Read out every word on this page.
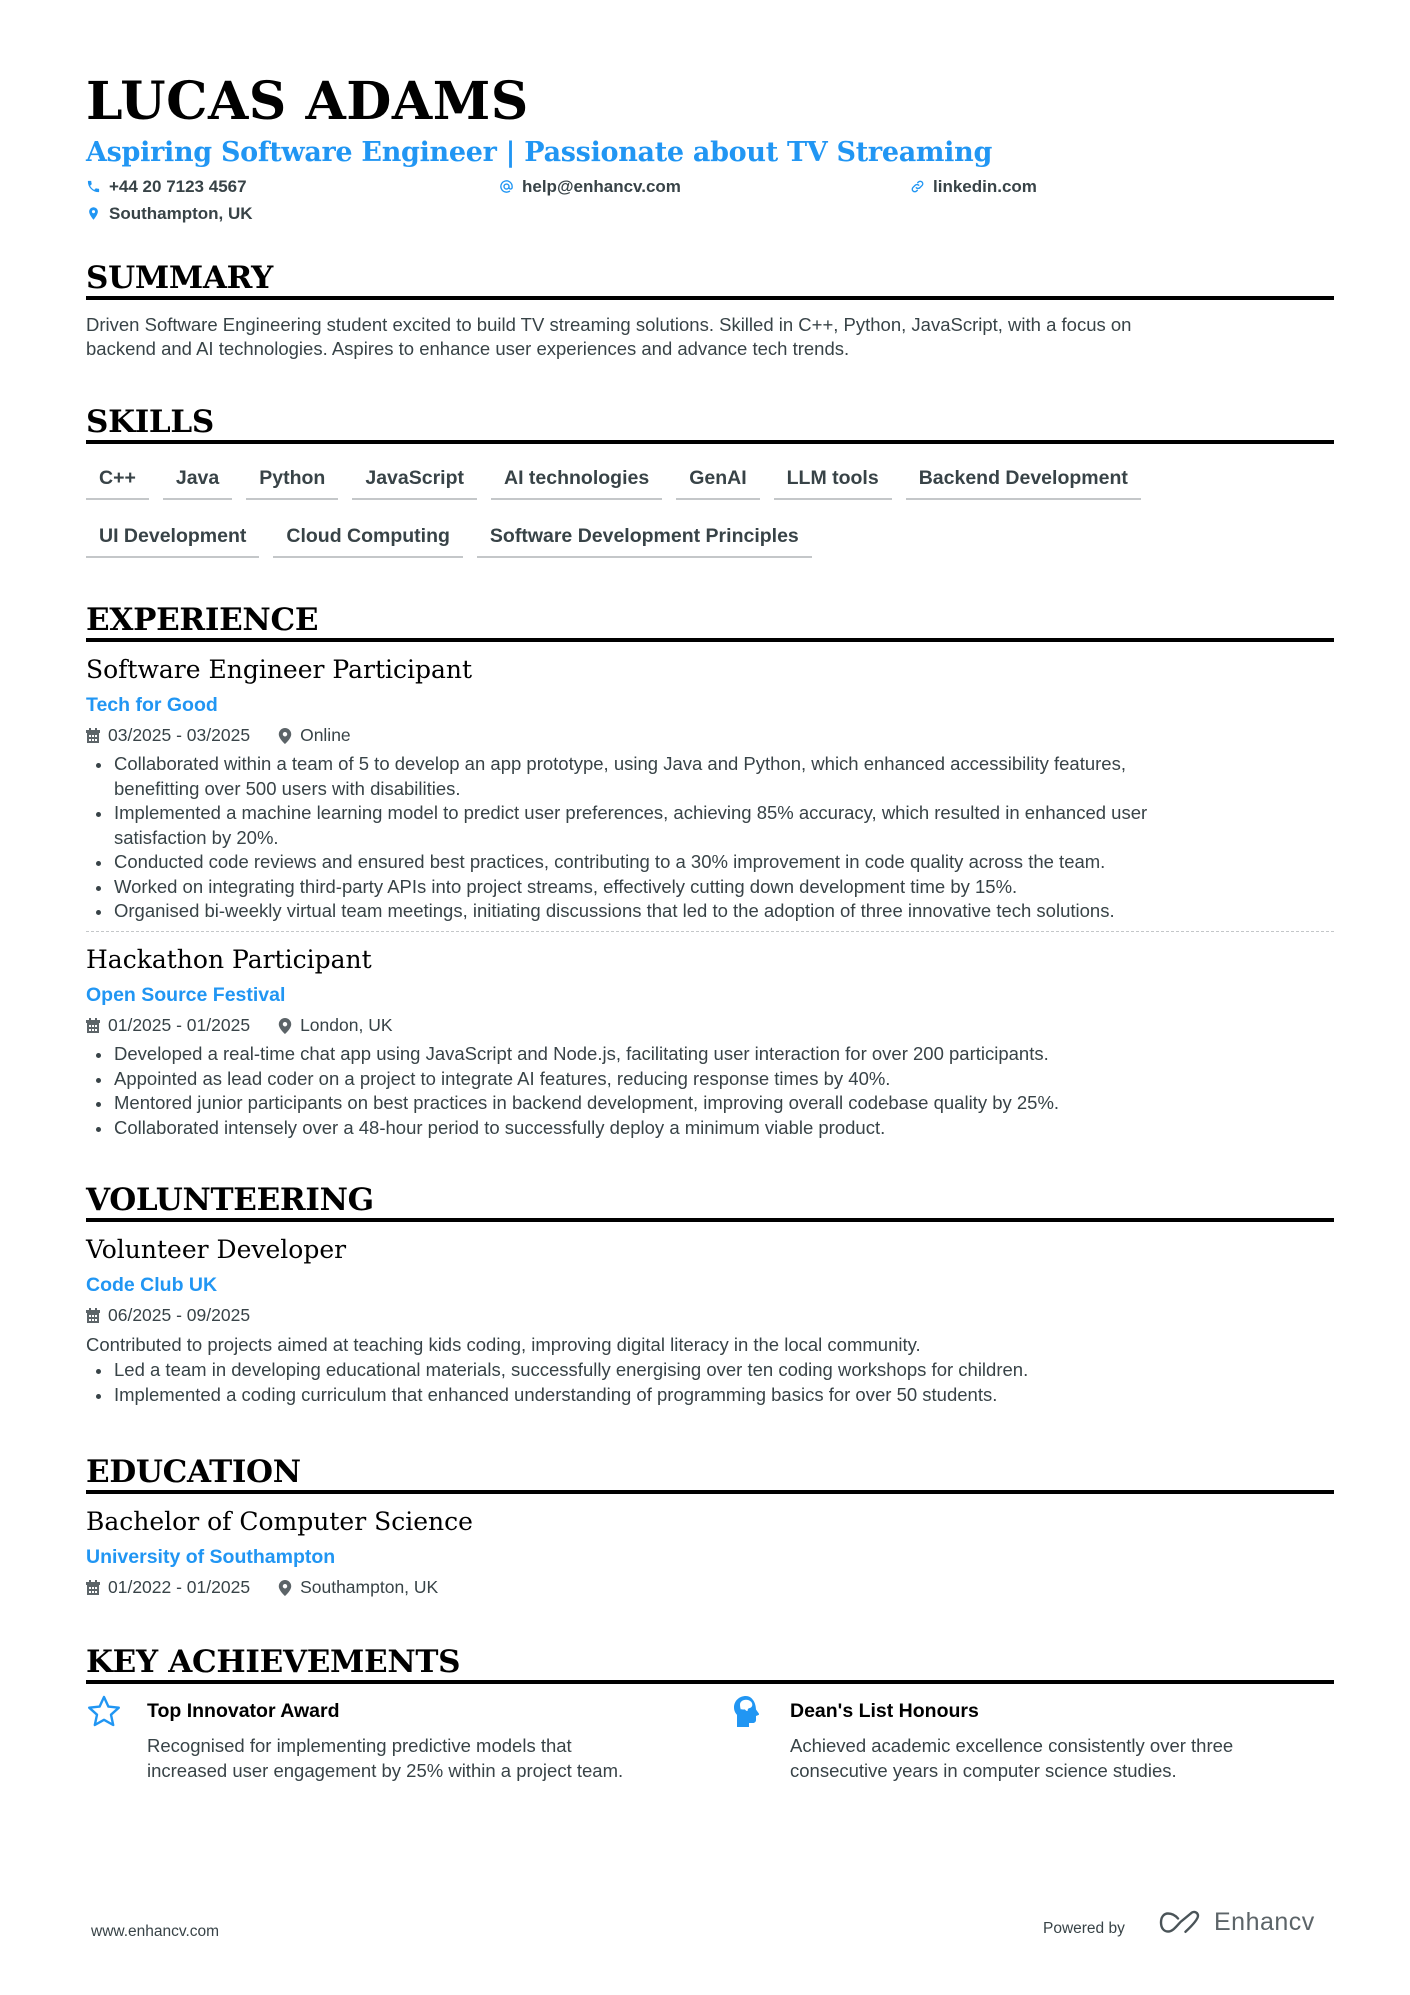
LUCAS ADAMS
Aspiring Software Engineer | Passionate about TV Streaming
+44 20 7123 4567	help@enhancv.com	linkedin.com
Southampton, UK
SUMMARY
Driven Software Engineering student excited to build TV streaming solutions. Skilled in C++, Python, JavaScript, with a focus on
backend and AI technologies. Aspires to enhance user experiences and advance tech trends.
SKILLS
C++	Java	Python	JavaScript	AI technologies	GenAI	LLM tools	Backend Development
UI Development	Cloud Computing	Software Development Principles
EXPERIENCE
Software Engineer Participant
Tech for Good
03/2025 - 03/2025	Online
Collaborated within a team of 5 to develop an app prototype, using Java and Python, which enhanced accessibility features,
benefitting over 500 users with disabilities.
Implemented a machine learning model to predict user preferences, achieving 85% accuracy, which resulted in enhanced user
satisfaction by 20%.
Conducted code reviews and ensured best practices, contributing to a 30% improvement in code quality across the team.
Worked on integrating third-party APIs into project streams, effectively cutting down development time by 15%.
Organised bi-weekly virtual team meetings, initiating discussions that led to the adoption of three innovative tech solutions.
Hackathon Participant
Open Source Festival
01/2025 - 01/2025	London, UK
Developed a real-time chat app using JavaScript and Node.js, facilitating user interaction for over 200 participants.
Appointed as lead coder on a project to integrate AI features, reducing response times by 40%.
Mentored junior participants on best practices in backend development, improving overall codebase quality by 25%.
Collaborated intensely over a 48-hour period to successfully deploy a minimum viable product.
VOLUNTEERING
Volunteer Developer
Code Club UK
06/2025 - 09/2025
Contributed to projects aimed at teaching kids coding, improving digital literacy in the local community.
Led a team in developing educational materials, successfully energising over ten coding workshops for children.
Implemented a coding curriculum that enhanced understanding of programming basics for over 50 students.
EDUCATION
Bachelor of Computer Science
University of Southampton
01/2022 - 01/2025	Southampton, UK
KEY ACHIEVEMENTS
Top Innovator Award
Recognised for implementing predictive models that
increased user engagement by 25% within a project team.
Dean's List Honours
Achieved academic excellence consistently over three
consecutive years in computer science studies.
www.enhancv.com	Powered by	Enhancv
